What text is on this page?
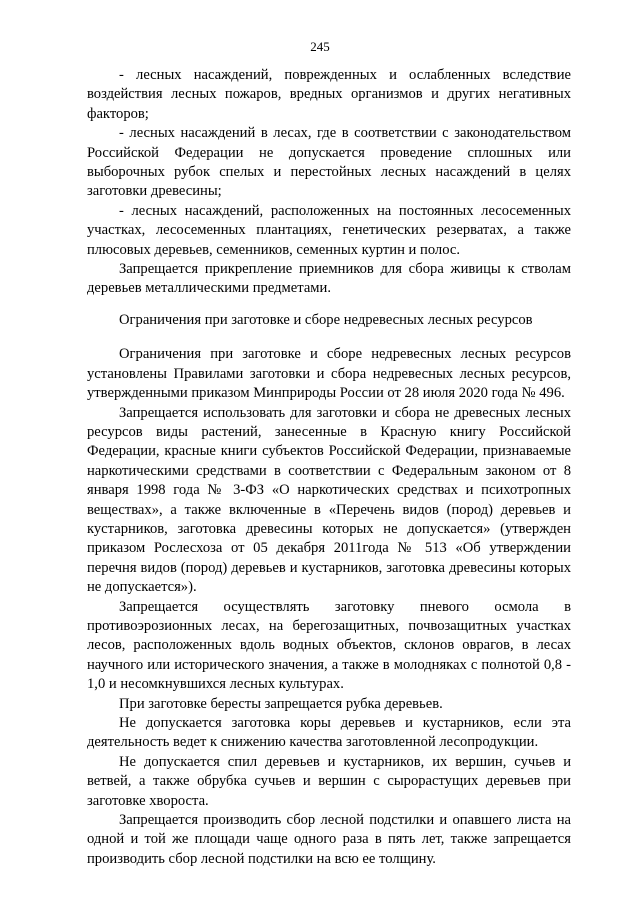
245

- лесных насаждений, поврежденных и ослабленных вследствие воздействия лесных пожаров, вредных организмов и других негативных факторов;

- лесных насаждений в лесах, где в соответствии с законодательством Российской Федерации не допускается проведение сплошных или выборочных рубок спелых и перестойных лесных насаждений в целях заготовки древесины;

- лесных насаждений, расположенных на постоянных лесосеменных участках, лесосеменных плантациях, генетических резерватах, а также плюсовых деревьев, семенников, семенных куртин и полос.

Запрещается прикрепление приемников для сбора живицы к стволам деревьев металлическими предметами.

Ограничения при заготовке и сборе недревесных лесных ресурсов

Ограничения при заготовке и сборе недревесных лесных ресурсов установлены Правилами заготовки и сбора недревесных лесных ресурсов, утвержденными приказом Минприроды России от 28 июля 2020 года № 496.

Запрещается использовать для заготовки и сбора не древесных лесных ресурсов виды растений, занесенные в Красную книгу Российской Федерации, красные книги субъектов Российской Федерации, признаваемые наркотическими средствами в соответствии с Федеральным законом от 8 января 1998 года № 3-ФЗ «О наркотических средствах и психотропных веществах», а также включенные в «Перечень видов (пород) деревьев и кустарников, заготовка древесины которых не допускается» (утвержден приказом Рослесхоза от 05 декабря 2011года № 513 «Об утверждении перечня видов (пород) деревьев и кустарников, заготовка древесины которых не допускается»).

Запрещается осуществлять заготовку пневого осмола в противоэрозионных лесах, на берегозащитных, почвозащитных участках лесов, расположенных вдоль водных объектов, склонов оврагов, в лесах научного или исторического значения, а также в молодняках с полнотой 0,8 - 1,0 и несомкнувшихся лесных культурах.

При заготовке бересты запрещается рубка деревьев.

Не допускается заготовка коры деревьев и кустарников, если эта деятельность ведет к снижению качества заготовленной лесопродукции.

Не допускается спил деревьев и кустарников, их вершин, сучьев и ветвей, а также обрубка сучьев и вершин с сырорастущих деревьев при заготовке хвороста.

Запрещается производить сбор лесной подстилки и опавшего листа на одной и той же площади чаще одного раза в пять лет, также запрещается производить сбор лесной подстилки на всю ее толщину.
